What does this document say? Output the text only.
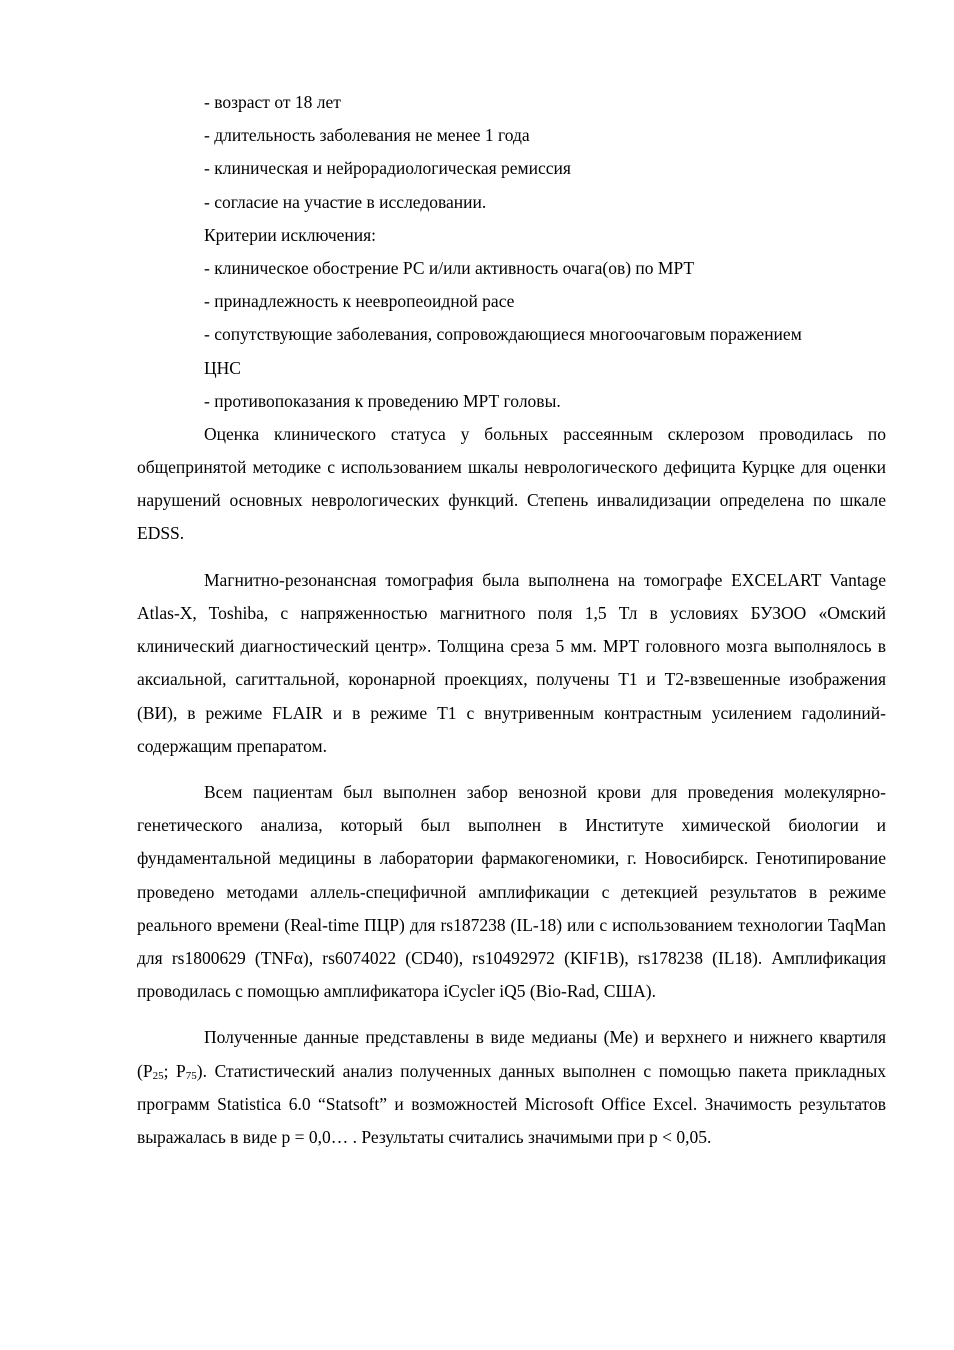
- возраст от 18 лет
- длительность заболевания не менее 1 года
- клиническая и нейрорадиологическая ремиссия
- согласие на участие в исследовании.
Критерии исключения:
- клиническое обострение РС и/или активность очага(ов) по МРТ
- принадлежность к неевропеоидной расе
- сопутствующие заболевания, сопровождающиеся многоочаговым поражением
ЦНС
- противопоказания к проведению МРТ головы.

Оценка клинического статуса у больных рассеянным склерозом проводилась по общепринятой методике с использованием шкалы неврологического дефицита Курцке для оценки нарушений основных неврологических функций. Степень инвалидизации определена по шкале EDSS.

Магнитно-резонансная томография была выполнена на томографе EXCELART Vantage Atlas-X, Toshiba, с напряженностью магнитного поля 1,5 Тл в условиях БУЗОО «Омский клинический диагностический центр». Толщина среза 5 мм. МРТ головного мозга выполнялось в аксиальной, сагиттальной, коронарной проекциях, получены Т1 и Т2-взвешенные изображения (ВИ), в режиме FLAIR и в режиме Т1 с внутривенным контрастным усилением гадолиний-содержащим препаратом.

Всем пациентам был выполнен забор венозной крови для проведения молекулярно-генетического анализа, который был выполнен в Институте химической биологии и фундаментальной медицины в лаборатории фармакогеномики, г. Новосибирск. Генотипирование проведено методами аллель-специфичной амплификации с детекцией результатов в режиме реального времени (Real-time ПЦР) для rs187238 (IL-18) или с использованием технологии TaqMan для rs1800629 (TNFα), rs6074022 (CD40), rs10492972 (KIF1B), rs178238 (IL18). Амплификация проводилась с помощью амплификатора iCycler iQ5 (Bio-Rad, США).

Полученные данные представлены в виде медианы (Ме) и верхнего и нижнего квартиля ($P_{25}$; $P_{75}$). Статистический анализ полученных данных выполнен с помощью пакета прикладных программ Statistica 6.0 “Statsoft” и возможностей Microsoft Office Excel. Значимость результатов выражалась в виде p = 0,0… . Результаты считались значимыми при p < 0,05.
